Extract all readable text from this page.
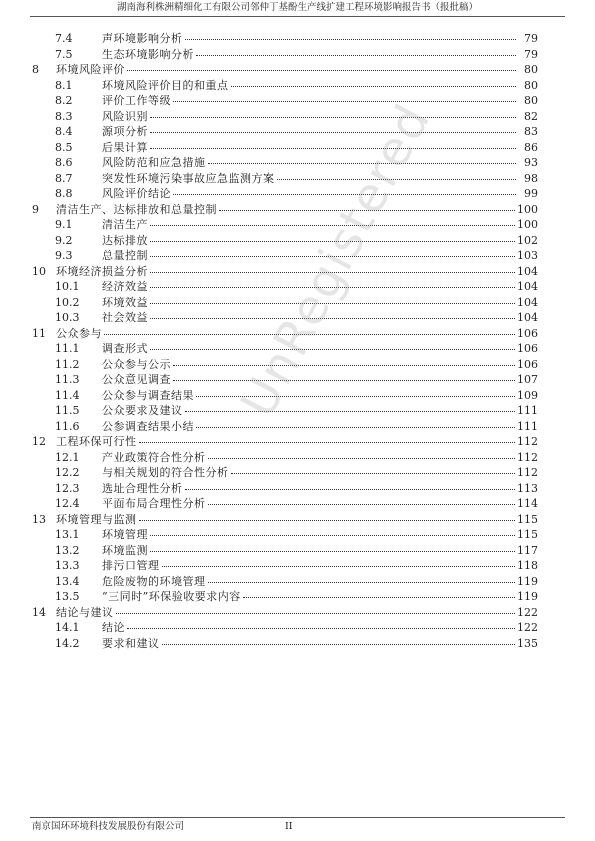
湖南海利株洲精细化工有限公司邻仲丁基酚生产线扩建工程环境影响报告书（报批稿）
7.4	声环境影响分析	79
7.5	生态环境影响分析	79
8	环境风险评价	80
8.1	环境风险评价目的和重点	80
8.2	评价工作等级	80
8.3	风险识别	82
8.4	源项分析	83
8.5	后果计算	86
8.6	风险防范和应急措施	93
8.7	突发性环境污染事故应急监测方案	98
8.8	风险评价结论	99
9	清洁生产、达标排放和总量控制	100
9.1	清洁生产	100
9.2	达标排放	102
9.3	总量控制	103
10 环境经济损益分析	104
10.1	经济效益	104
10.2	环境效益	104
10.3	社会效益	104
11 公众参与	106
11.1	调查形式	106
11.2	公众参与公示	106
11.3	公众意见调查	107
11.4	公众参与调查结果	109
11.5	公众要求及建议	111
11.6	公参调查结果小结	111
12 工程环保可行性	112
12.1	产业政策符合性分析	112
12.2	与相关规划的符合性分析	112
12.3	选址合理性分析	113
12.4	平面布局合理性分析	114
13 环境管理与监测	115
13.1	环境管理	115
13.2	环境监测	117
13.3	排污口管理	118
13.4	危险废物的环境管理	119
13.5	“三同时”环保验收要求内容	119
14 结论与建议	122
14.1	结论	122
14.2	要求和建议	135
UnRegistered
南京国环环境科技发展股份有限公司	II
